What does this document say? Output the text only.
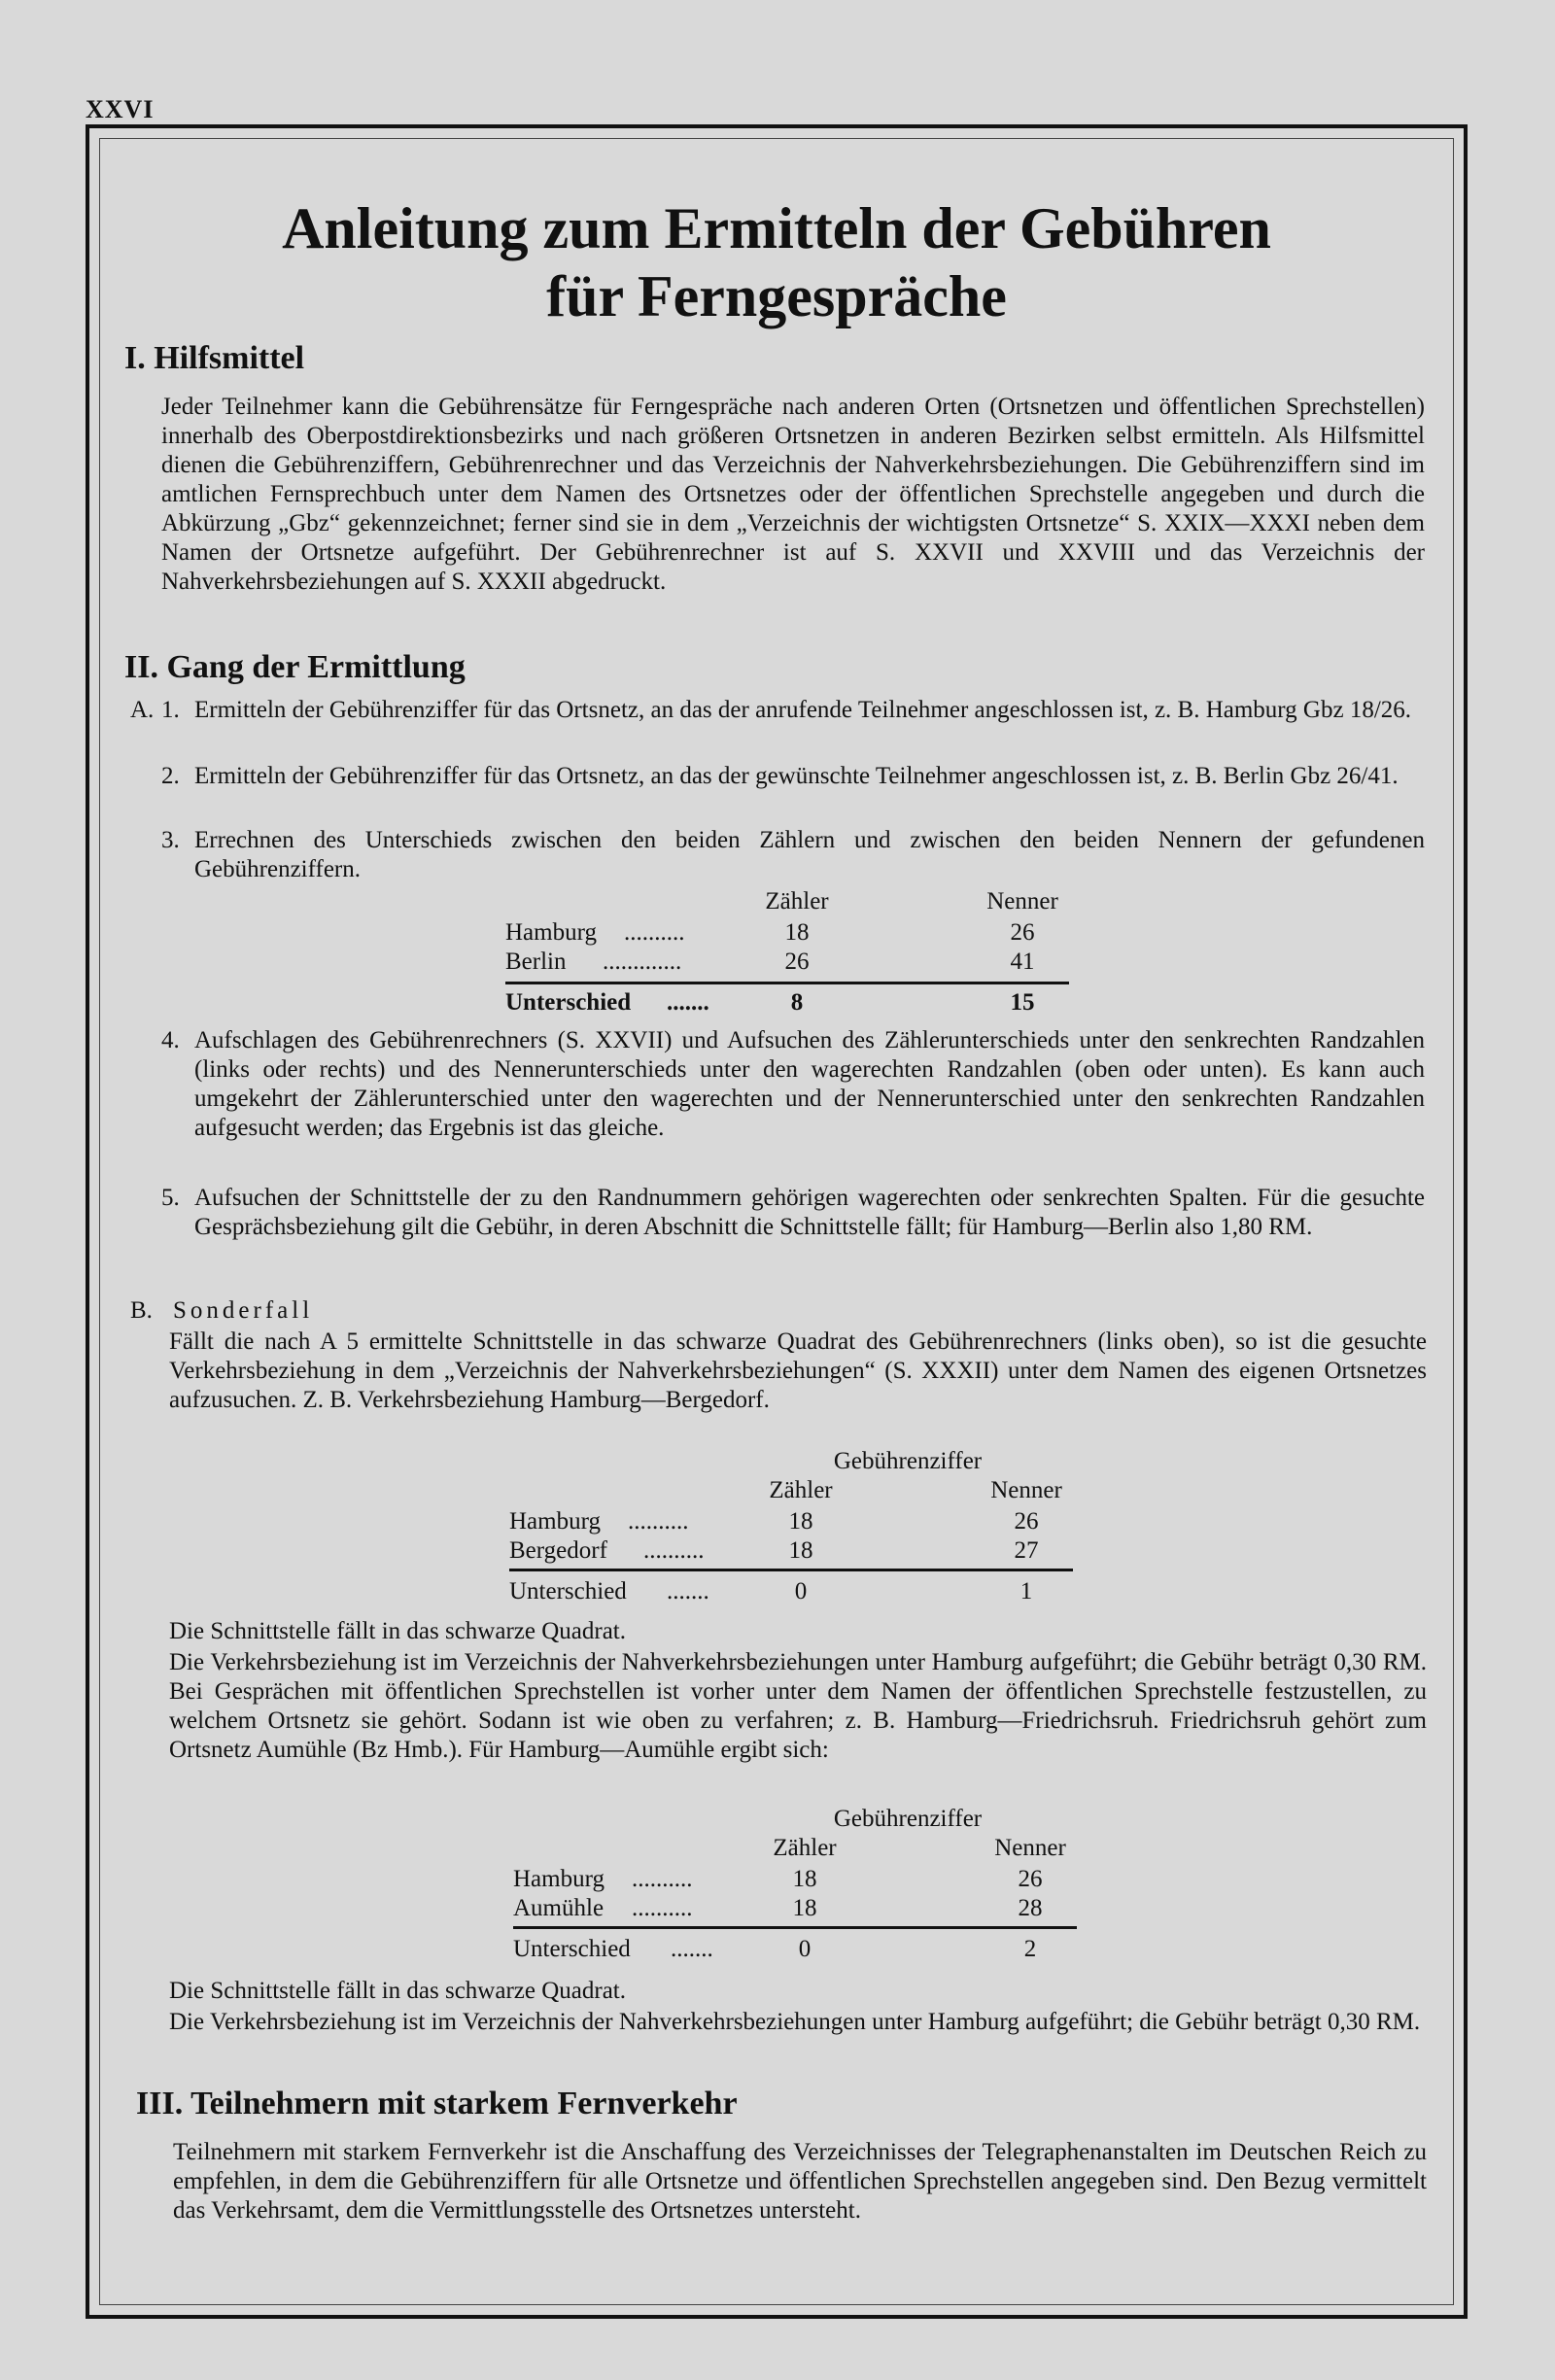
XXVI
Anleitung zum Ermitteln der Gebühren
für Ferngespräche
I. Hilfsmittel
Jeder Teilnehmer kann die Gebührensätze für Ferngespräche nach anderen Orten (Ortsnetzen und öffentlichen Sprechstellen) innerhalb des Oberpostdirektionsbezirks und nach größeren Ortsnetzen in anderen Bezirken selbst ermitteln. Als Hilfsmittel dienen die Gebührenziffern, Gebührenrechner und das Verzeichnis der Nahverkehrsbeziehungen. Die Gebührenziffern sind im amtlichen Fernsprechbuch unter dem Namen des Ortsnetzes oder der öffentlichen Sprechstelle angegeben und durch die Abkürzung „Gbz“ gekennzeichnet; ferner sind sie in dem „Verzeichnis der wichtigsten Ortsnetze“ S. XXIX—XXXI neben dem Namen der Ortsnetze aufgeführt. Der Gebührenrechner ist auf S. XXVII und XXVIII und das Verzeichnis der Nahverkehrsbeziehungen auf S. XXXII abgedruckt.
II. Gang der Ermittlung
A. 1. Ermitteln der Gebührenziffer für das Ortsnetz, an das der anrufende Teilnehmer angeschlossen ist, z. B. Hamburg Gbz 18/26.
2. Ermitteln der Gebührenziffer für das Ortsnetz, an das der gewünschte Teilnehmer angeschlossen ist, z. B. Berlin Gbz 26/41.
3. Errechnen des Unterschieds zwischen den beiden Zählern und zwischen den beiden Nennern der gefundenen Gebührenziffern.
Zähler	Nenner
Hamburg ..........	18	26
Berlin .............	26	41
Unterschied .......	8	15
4. Aufschlagen des Gebührenrechners (S. XXVII) und Aufsuchen des Zählerunterschieds unter den senkrechten Randzahlen (links oder rechts) und des Nennerunterschieds unter den wagerechten Randzahlen (oben oder unten). Es kann auch umgekehrt der Zählerunterschied unter den wagerechten und der Nennerunterschied unter den senkrechten Randzahlen aufgesucht werden; das Ergebnis ist das gleiche.
5. Aufsuchen der Schnittstelle der zu den Randnummern gehörigen wagerechten oder senkrechten Spalten. Für die gesuchte Gesprächsbeziehung gilt die Gebühr, in deren Abschnitt die Schnittstelle fällt; für Hamburg—Berlin also 1,80 RM.
B. Sonderfall
Fällt die nach A 5 ermittelte Schnittstelle in das schwarze Quadrat des Gebührenrechners (links oben), so ist die gesuchte Verkehrsbeziehung in dem „Verzeichnis der Nahverkehrsbeziehungen“ (S. XXXII) unter dem Namen des eigenen Ortsnetzes aufzusuchen. Z. B. Verkehrsbeziehung Hamburg—Bergedorf.
Gebührenziffer
Zähler	Nenner
Hamburg ..........	18	26
Bergedorf ..........	18	27
Unterschied .......	0	1
Die Schnittstelle fällt in das schwarze Quadrat.
Die Verkehrsbeziehung ist im Verzeichnis der Nahverkehrsbeziehungen unter Hamburg aufgeführt; die Gebühr beträgt 0,30 RM. Bei Gesprächen mit öffentlichen Sprechstellen ist vorher unter dem Namen der öffentlichen Sprechstelle festzustellen, zu welchem Ortsnetz sie gehört. Sodann ist wie oben zu verfahren; z. B. Hamburg—Friedrichsruh. Friedrichsruh gehört zum Ortsnetz Aumühle (Bz Hmb.). Für Hamburg—Aumühle ergibt sich:
Gebührenziffer
Zähler	Nenner
Hamburg ..........	18	26
Aumühle ..........	18	28
Unterschied .......	0	2
Die Schnittstelle fällt in das schwarze Quadrat.
Die Verkehrsbeziehung ist im Verzeichnis der Nahverkehrsbeziehungen unter Hamburg aufgeführt; die Gebühr beträgt 0,30 RM.
III. Teilnehmern mit starkem Fernverkehr
Teilnehmern mit starkem Fernverkehr ist die Anschaffung des Verzeichnisses der Telegraphenanstalten im Deutschen Reich zu empfehlen, in dem die Gebührenziffern für alle Ortsnetze und öffentlichen Sprechstellen angegeben sind. Den Bezug vermittelt das Verkehrsamt, dem die Vermittlungsstelle des Ortsnetzes untersteht.
